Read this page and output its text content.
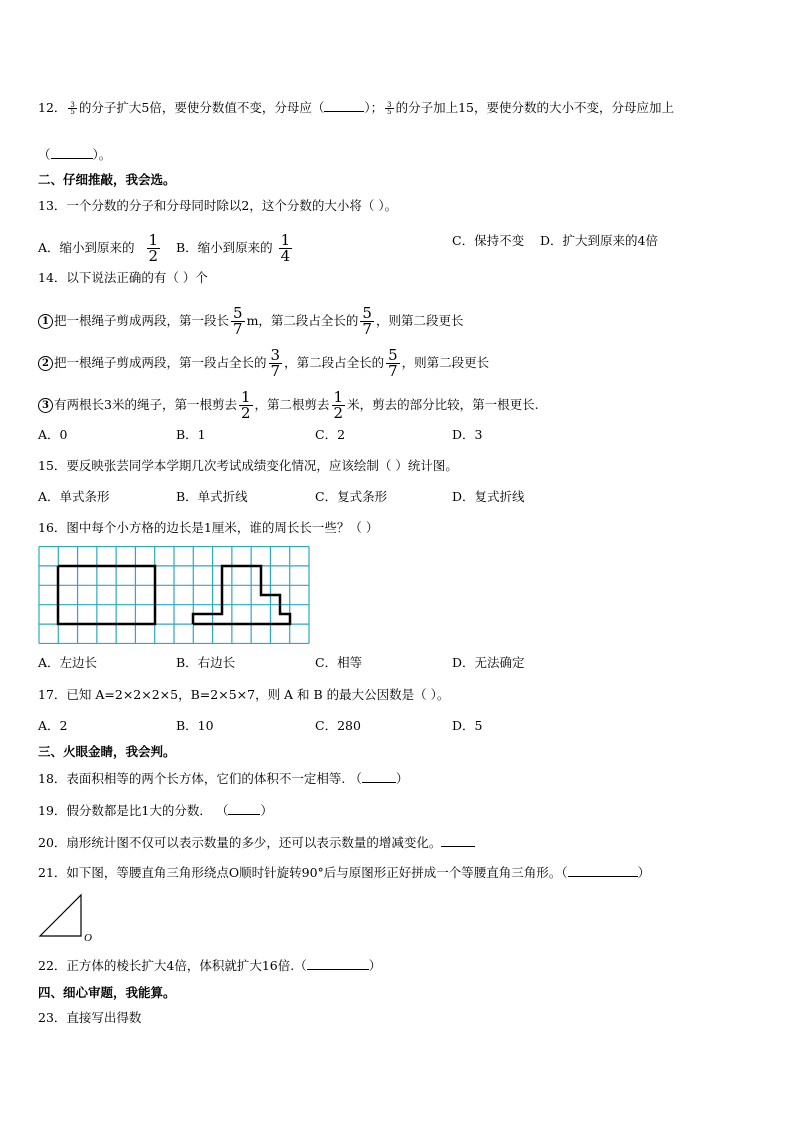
12． $\frac{3}{5}$ 的分子扩大5倍，要使分数值不变，分母应（	）； $\frac{3}{5}$ 的分子加上15，要使分数的大小不变，分母应加上
（	）。
二、仔细推敲，我会选。
13．一个分数的分子和分母同时除以2，这个分数的大小将（ ）。
A．缩小到原来的 $\frac{1}{2}$ B．缩小到原来的 $\frac{1}{4}$	C．保持不变 D．扩大到原来的4倍
14．以下说法正确的有（ ）个
1 把一根绳子剪成两段，第一段长 $\frac{5}{7}$ m，第二段占全长的 $\frac{5}{7}$ ，则第二段更长
2 把一根绳子剪成两段，第一段占全长的 $\frac{3}{7}$ ，第二段占全长的 $\frac{5}{7}$ ，则第二段更长
3 有两根长3米的绳子，第一根剪去 $\frac{1}{2}$ ，第二根剪去 $\frac{1}{2}$ 米，剪去的部分比较，第一根更长.
A．0	B．1	C．2	D．3
15．要反映张芸同学本学期几次考试成绩变化情况，应该绘制（ ）统计图。
A．单式条形	B．单式折线	C．复式条形	D．复式折线
16．图中每个小方格的边长是1厘米，谁的周长长一些？（ ）
A．左边长	B．右边长	C．相等	D．无法确定
17．已知 A=2×2×2×5，B=2×5×7，则 A 和 B 的最大公因数是（ ）。
A．2	B．10	C．280	D．5
三、火眼金睛，我会判。
18．表面积相等的两个长方体，它们的体积不一定相等. （	）
19．假分数都是比1大的分数． （	）
20．扇形统计图不仅可以表示数量的多少，还可以表示数量的增减变化。
21．如下图，等腰直角三角形绕点O顺时针旋转90°后与原图形正好拼成一个等腰直角三角形。（	）
O
22．正方体的棱长扩大4倍，体积就扩大16倍.（	）
四、细心审题，我能算。
23．直接写出得数
